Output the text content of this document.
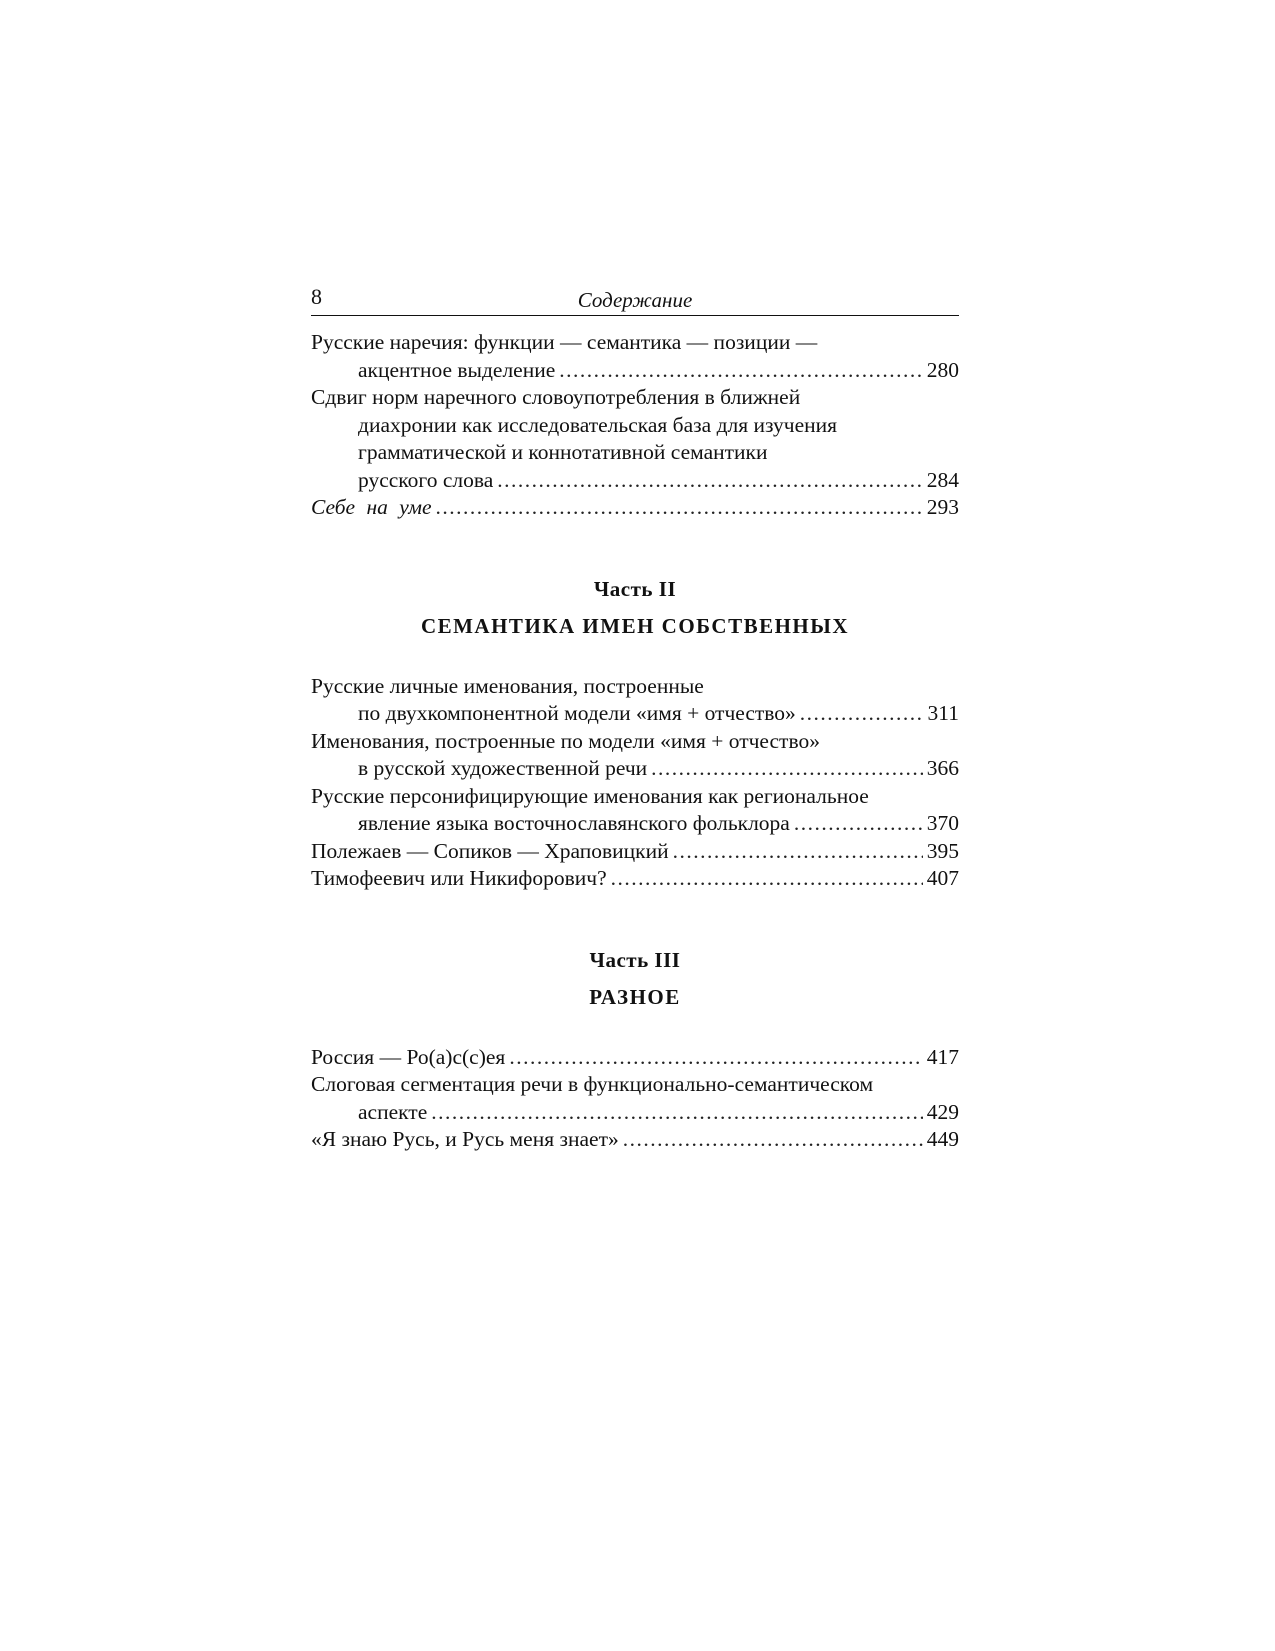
8	Содержание
Русские наречия: функции — семантика — позиции —
акцентное выделение .....	280
Сдвиг норм наречного словоупотребления в ближней
диахронии как исследовательская база для изучения
грамматической и коннотативной семантики
русского слова .....	284
Себе на уме .....	293
Часть II
СЕМАНТИКА ИМЕН СОБСТВЕННЫХ
Русские личные именования, построенные
по двухкомпонентной модели «имя + отчество» .....	311
Именования, построенные по модели «имя + отчество»
в русской художественной речи .....	366
Русские персонифицирующие именования как региональное
явление языка восточнославянского фольклора .....	370
Полежаев — Сопиков — Храповицкий .....	395
Тимофеевич или Никифорович? .....	407
Часть III
РАЗНОЕ
Россия — Ро(а)с(с)ея .....	417
Слоговая сегментация речи в функционально-семантическом
аспекте .....	429
«Я знаю Русь, и Русь меня знает» .....	449
